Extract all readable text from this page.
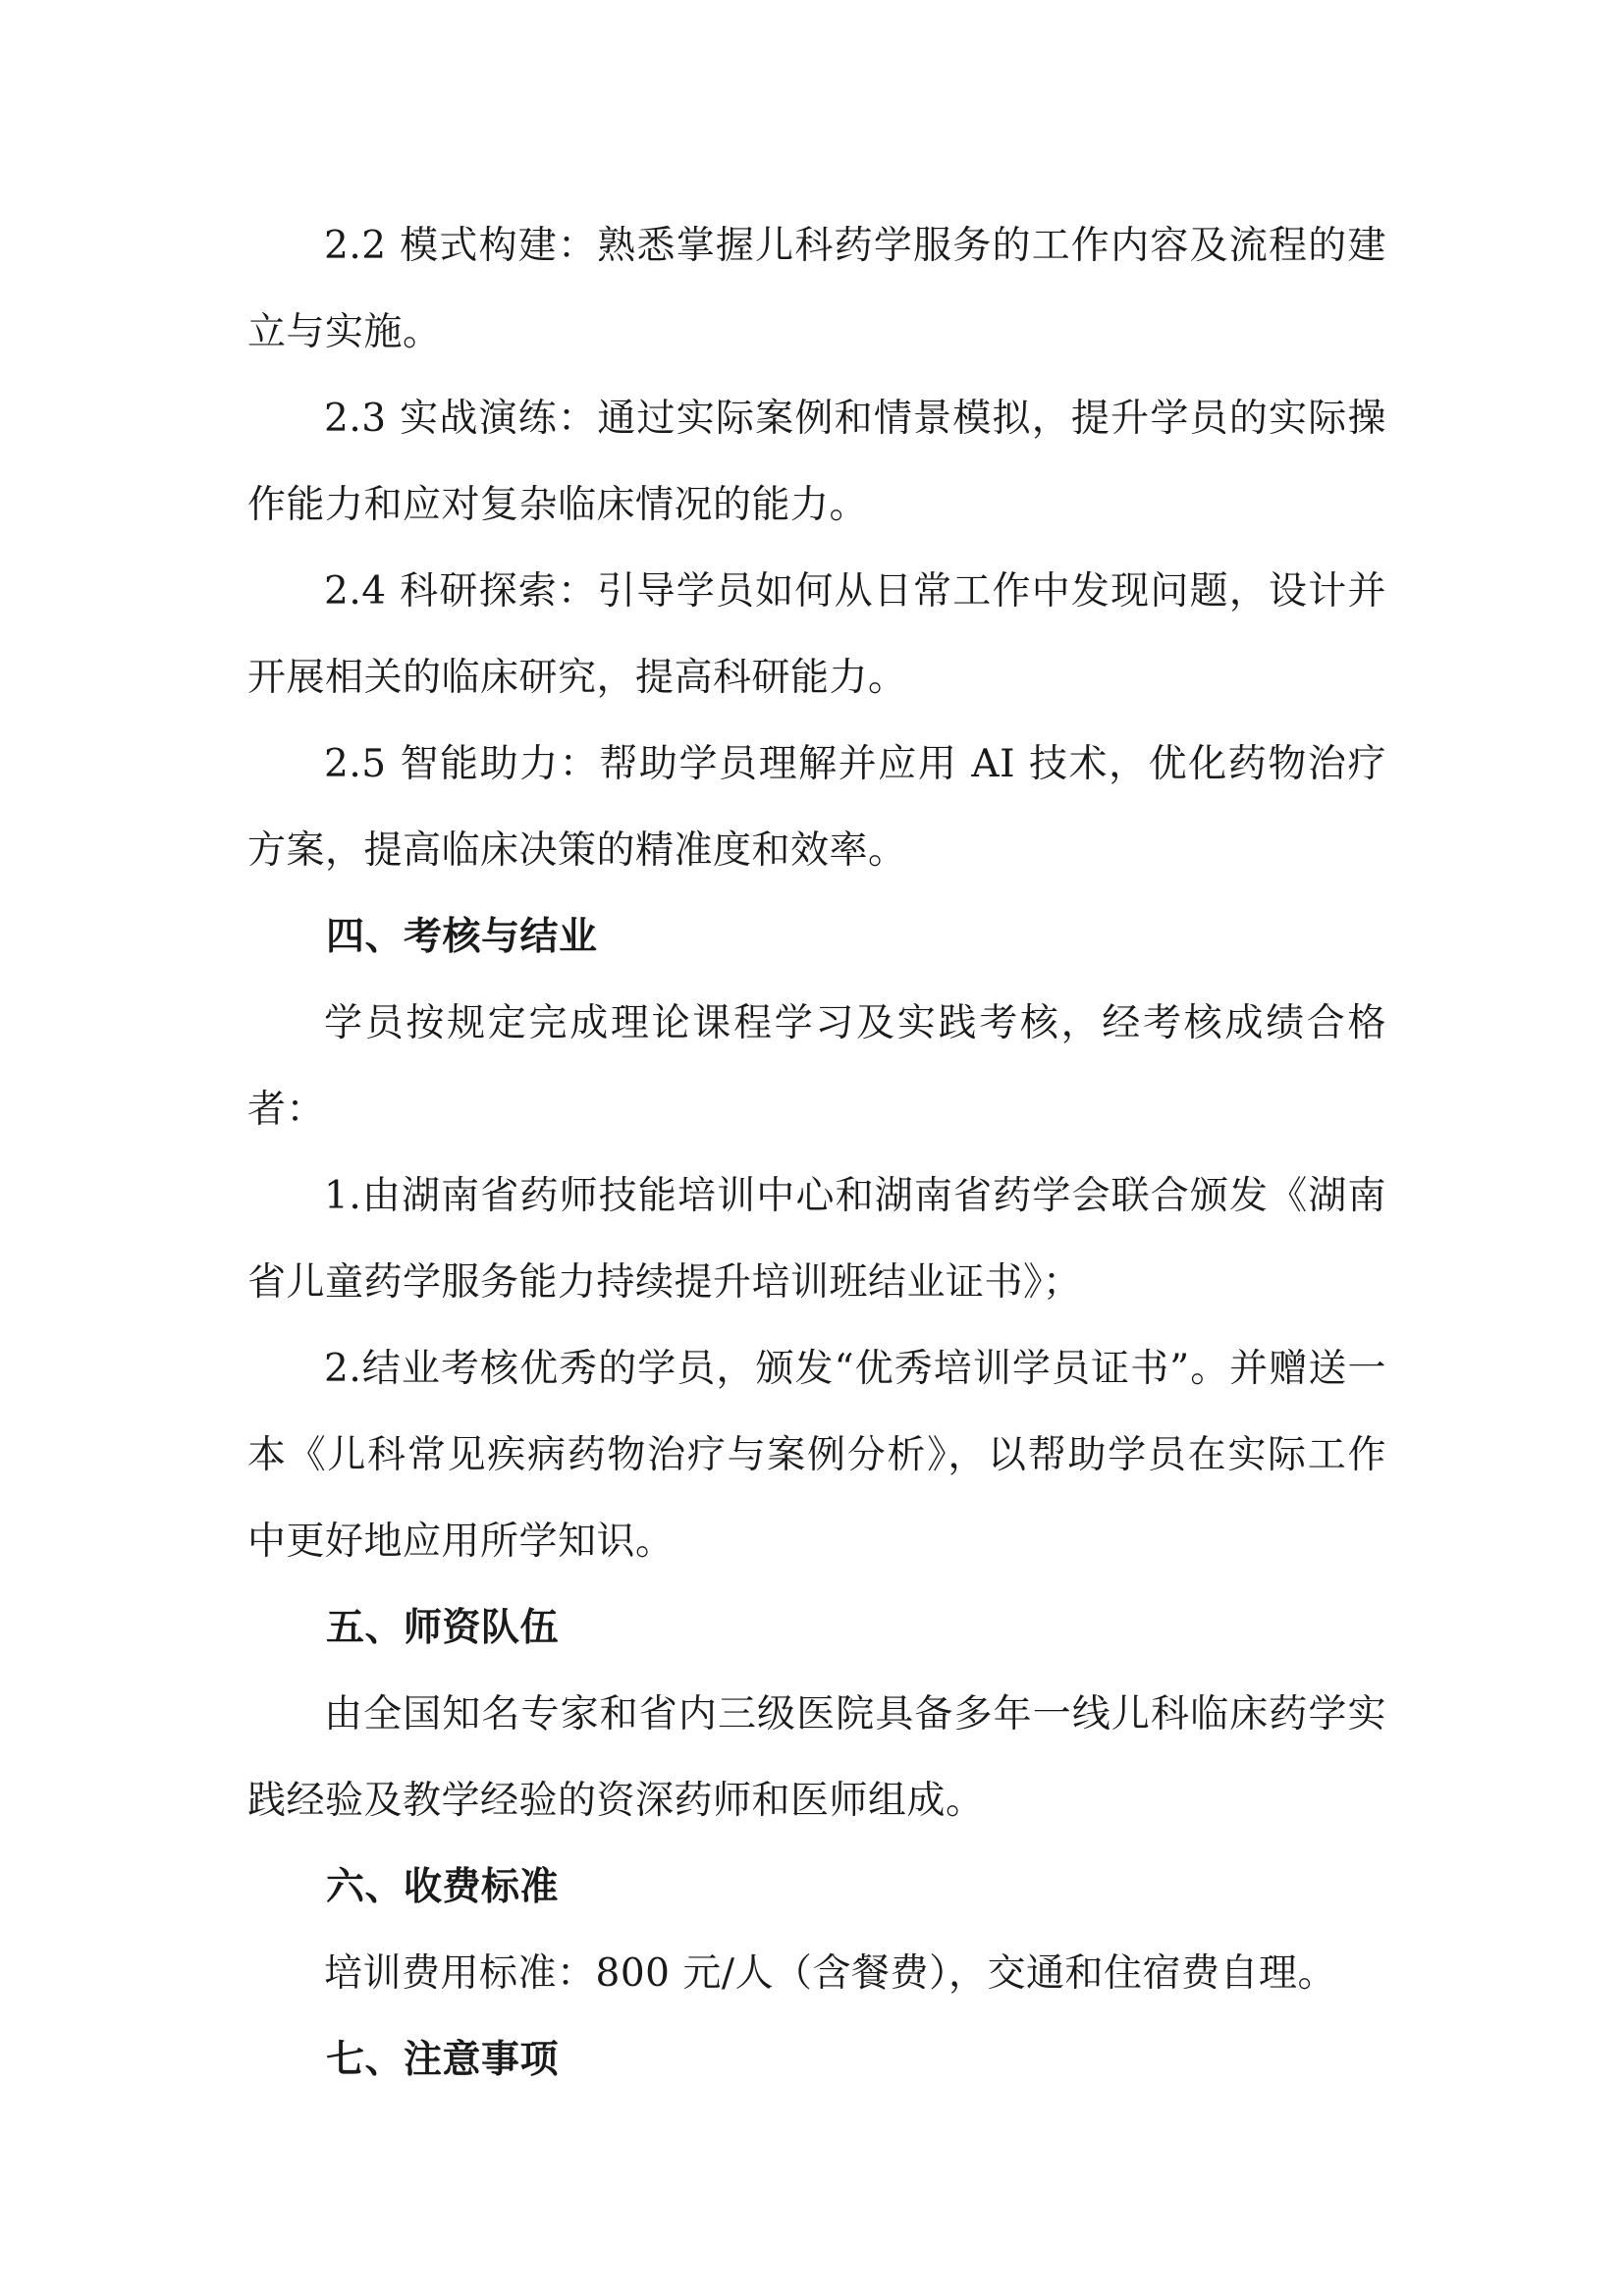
2.2 模式构建：熟悉掌握儿科药学服务的工作内容及流程的建立与实施。

2.3 实战演练：通过实际案例和情景模拟，提升学员的实际操作能力和应对复杂临床情况的能力。

2.4 科研探索：引导学员如何从日常工作中发现问题，设计并开展相关的临床研究，提高科研能力。

2.5 智能助力：帮助学员理解并应用 AI 技术，优化药物治疗方案，提高临床决策的精准度和效率。

四、考核与结业

学员按规定完成理论课程学习及实践考核，经考核成绩合格者：

1.由湖南省药师技能培训中心和湖南省药学会联合颁发《湖南省儿童药学服务能力持续提升培训班结业证书》；

2.结业考核优秀的学员，颁发“优秀培训学员证书”。并赠送一本《儿科常见疾病药物治疗与案例分析》，以帮助学员在实际工作中更好地应用所学知识。

五、师资队伍

由全国知名专家和省内三级医院具备多年一线儿科临床药学实践经验及教学经验的资深药师和医师组成。

六、收费标准

培训费用标准：800 元/人（含餐费），交通和住宿费自理。

七、注意事项
